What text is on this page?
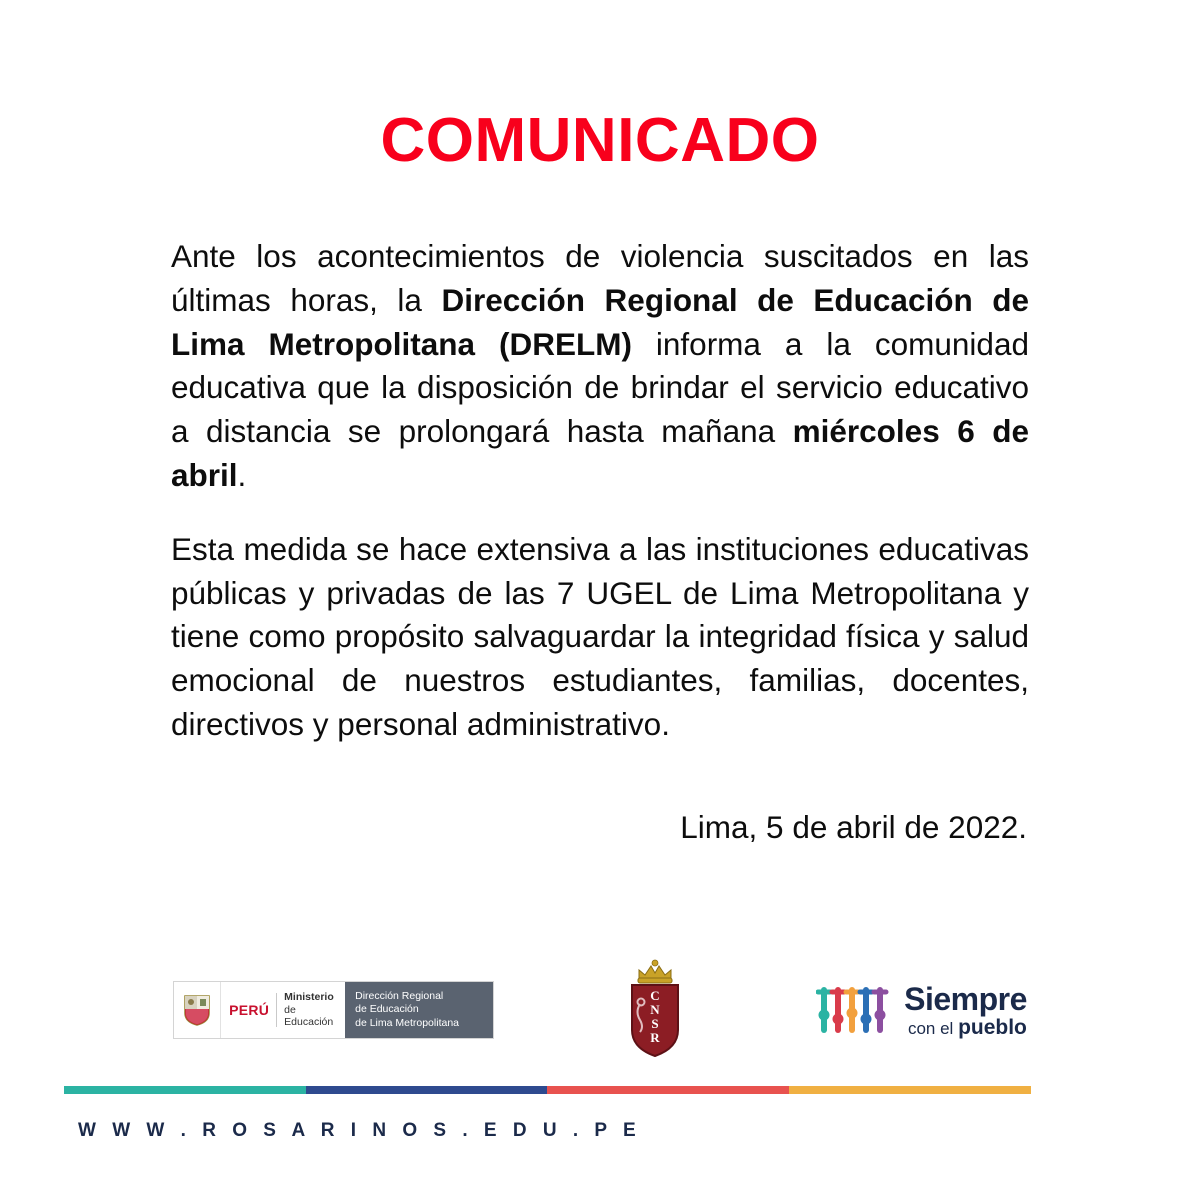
COMUNICADO

Ante los acontecimientos de violencia suscitados en las últimas horas, la Dirección Regional de Educación de Lima Metropolitana (DRELM) informa a la comunidad educativa que la disposición de brindar el servicio educativo a distancia se prolongará hasta mañana miércoles 6 de abril.

Esta medida se hace extensiva a las instituciones educativas públicas y privadas de las 7 UGEL de Lima Metropolitana y tiene como propósito salvaguardar la integridad física y salud emocional de nuestros estudiantes, familias, docentes, directivos y personal administrativo.

Lima, 5 de abril de 2022.
PERÚ
Ministerio
de Educación
Dirección Regional
de Educación
de Lima Metropolitana
C
N
S
R
Siempre
con el pueblo
W W W . R O S A R I N O S . E D U . P E
